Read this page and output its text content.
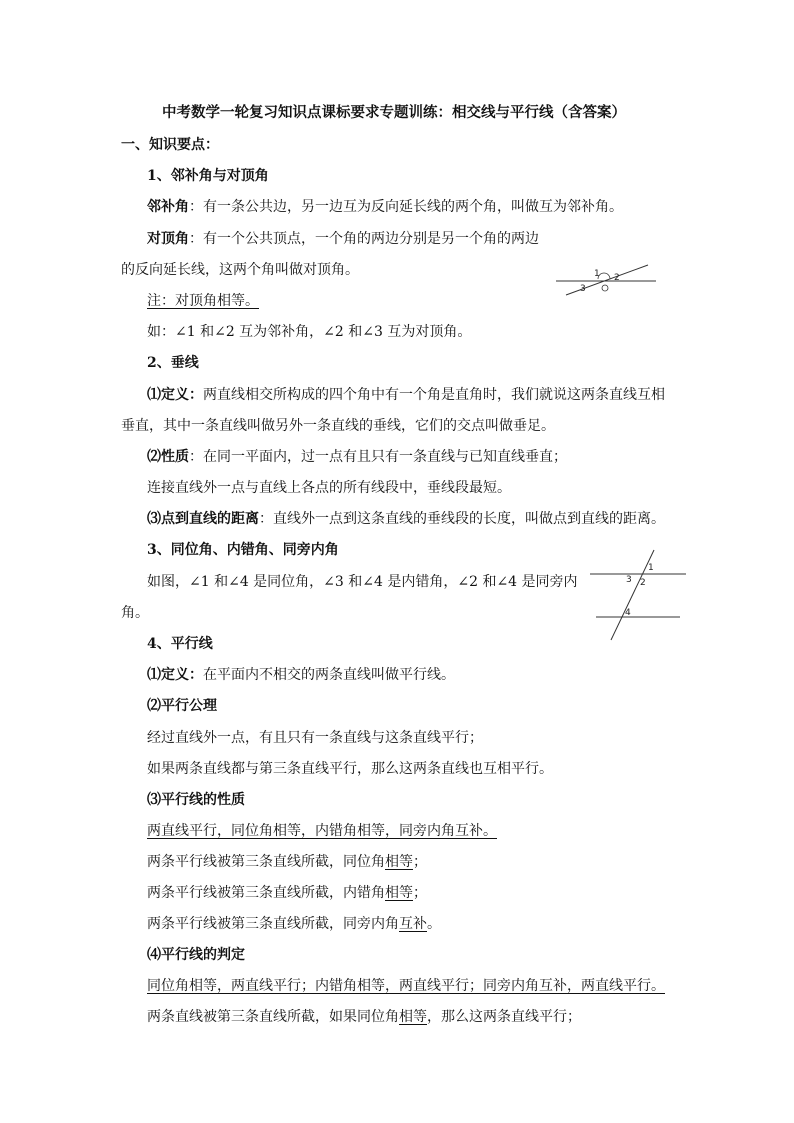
中考数学一轮复习知识点课标要求专题训练：相交线与平行线（含答案）
一、知识要点：
1、邻补角与对顶角
邻补角：有一条公共边，另一边互为反向延长线的两个角，叫做互为邻补角。
对顶角：有一个公共顶点，一个角的两边分别是另一个角的两边
的反向延长线，这两个角叫做对顶角。
注：对顶角相等。
如：∠1 和∠2 互为邻补角，∠2 和∠3 互为对顶角。
1 2
3
2、垂线
⑴定义：两直线相交所构成的四个角中有一个角是直角时，我们就说这两条直线互相
垂直，其中一条直线叫做另外一条直线的垂线，它们的交点叫做垂足。
⑵性质：在同一平面内，过一点有且只有一条直线与已知直线垂直；
连接直线外一点与直线上各点的所有线段中，垂线段最短。
⑶点到直线的距离：直线外一点到这条直线的垂线段的长度，叫做点到直线的距离。
3、同位角、内错角、同旁内角
如图，∠1 和∠4 是同位角，∠3 和∠4 是内错角，∠2 和∠4 是同旁内
角。
1
3 2
4
4、平行线
⑴定义：在平面内不相交的两条直线叫做平行线。
⑵平行公理
经过直线外一点，有且只有一条直线与这条直线平行；
如果两条直线都与第三条直线平行，那么这两条直线也互相平行。
⑶平行线的性质
两直线平行，同位角相等，内错角相等，同旁内角互补。
两条平行线被第三条直线所截，同位角相等；
两条平行线被第三条直线所截，内错角相等；
两条平行线被第三条直线所截，同旁内角互补。
⑷平行线的判定
同位角相等，两直线平行；内错角相等，两直线平行；同旁内角互补，两直线平行。
两条直线被第三条直线所截，如果同位角相等，那么这两条直线平行；
